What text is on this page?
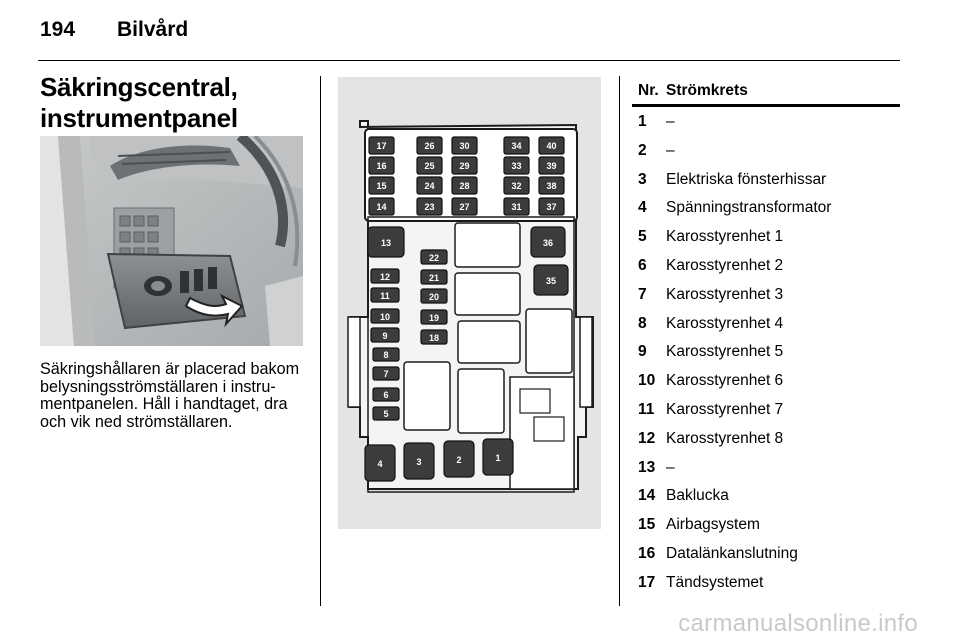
194 Bilvård
Säkringscentral,
instrumentpanel
Säkringshållaren är placerad bakom
belysningsströmställaren i instru-
mentpanelen. Håll i handtaget, dra
och vik ned strömställaren.
17
16
15
14
26
25
24
23
30
29
28
27
34
33
32
31
40
39
38
37
13	36
35
12
11
10
9
8
7
6
5
22
21
20
19
18
4	3	2	1
Nr. Strömkrets
1 –
2 –
3 Elektriska fönsterhissar
4 Spänningstransformator
5 Karosstyrenhet 1
6 Karosstyrenhet 2
7 Karosstyrenhet 3
8 Karosstyrenhet 4
9 Karosstyrenhet 5
10 Karosstyrenhet 6
11 Karosstyrenhet 7
12 Karosstyrenhet 8
13 –
14 Baklucka
15 Airbagsystem
16 Datalänkanslutning
17 Tändsystemet
carmanualsonline.info
